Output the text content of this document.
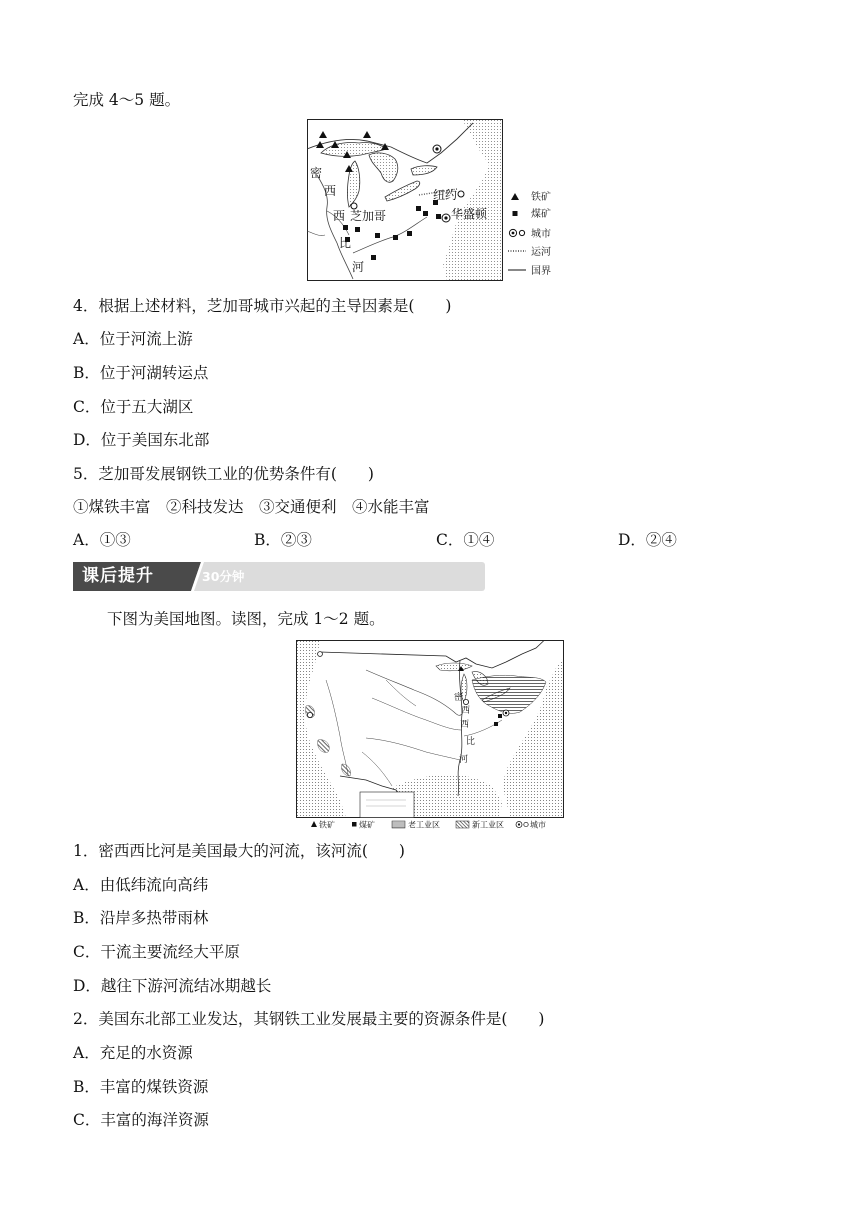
完成 4～5 题。
密
西
西
比
河
芝加哥
纽约
华盛顿
铁矿
煤矿
城市
运河
国界
4．根据上述材料，芝加哥城市兴起的主导因素是(　　)
A．位于河流上游
B．位于河湖转运点
C．位于五大湖区
D．位于美国东北部
5．芝加哥发展钢铁工业的优势条件有(　　)
①煤铁丰富　②科技发达　③交通便利　④水能丰富
A．①③	B．②③	C．①④	D．②④
课后提升	30分钟
下图为美国地图。读图，完成 1～2 题。
密
西
西
比
河
铁矿	煤矿	老工业区	新工业区	城市
1．密西西比河是美国最大的河流，该河流(　　)
A．由低纬流向高纬
B．沿岸多热带雨林
C．干流主要流经大平原
D．越往下游河流结冰期越长
2．美国东北部工业发达，其钢铁工业发展最主要的资源条件是(　　)
A．充足的水资源
B．丰富的煤铁资源
C．丰富的海洋资源
